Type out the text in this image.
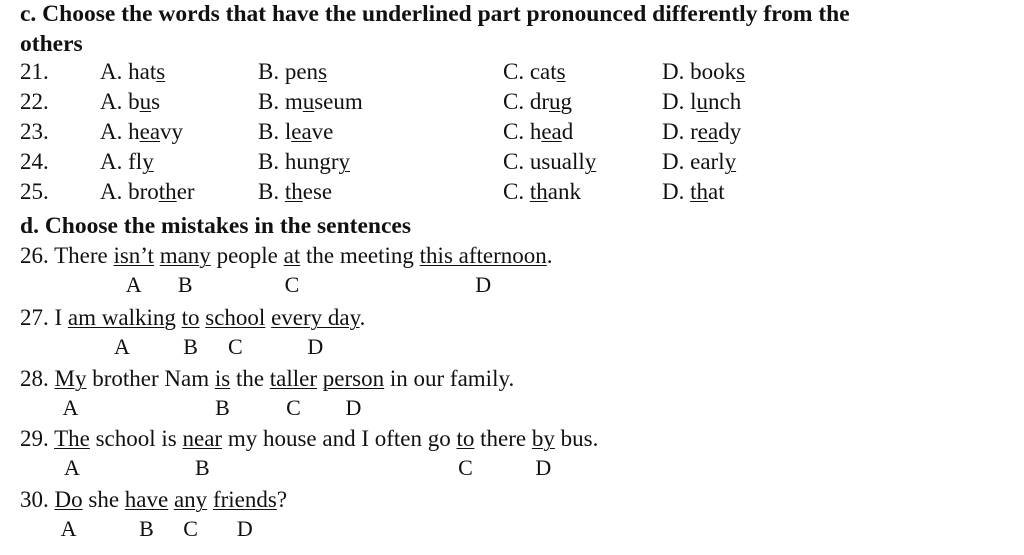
c. Choose the words that have the underlined part pronounced differently from the
others
21. A. hats	B. pens	C. cats	D. books
22. A. bus	B. museum	C. drug	D. lunch
23. A. heavy	B. leave	C. head	D. ready
24. A. fly	B. hungry	C. usually	D. early
25. A. brother	B. these	C. thank	D. that
d. Choose the mistakes in the sentences
26. There isn’t many people at the meeting this afternoon.
A B	C	D
27. I am walking to school every day.
A B C	D
28. My brother Nam is the taller person in our family.
A	B	C D
29. The school is near my house and I often go to there by bus.
A	B	C	D
30. Do she have any friends?
A	B C D
